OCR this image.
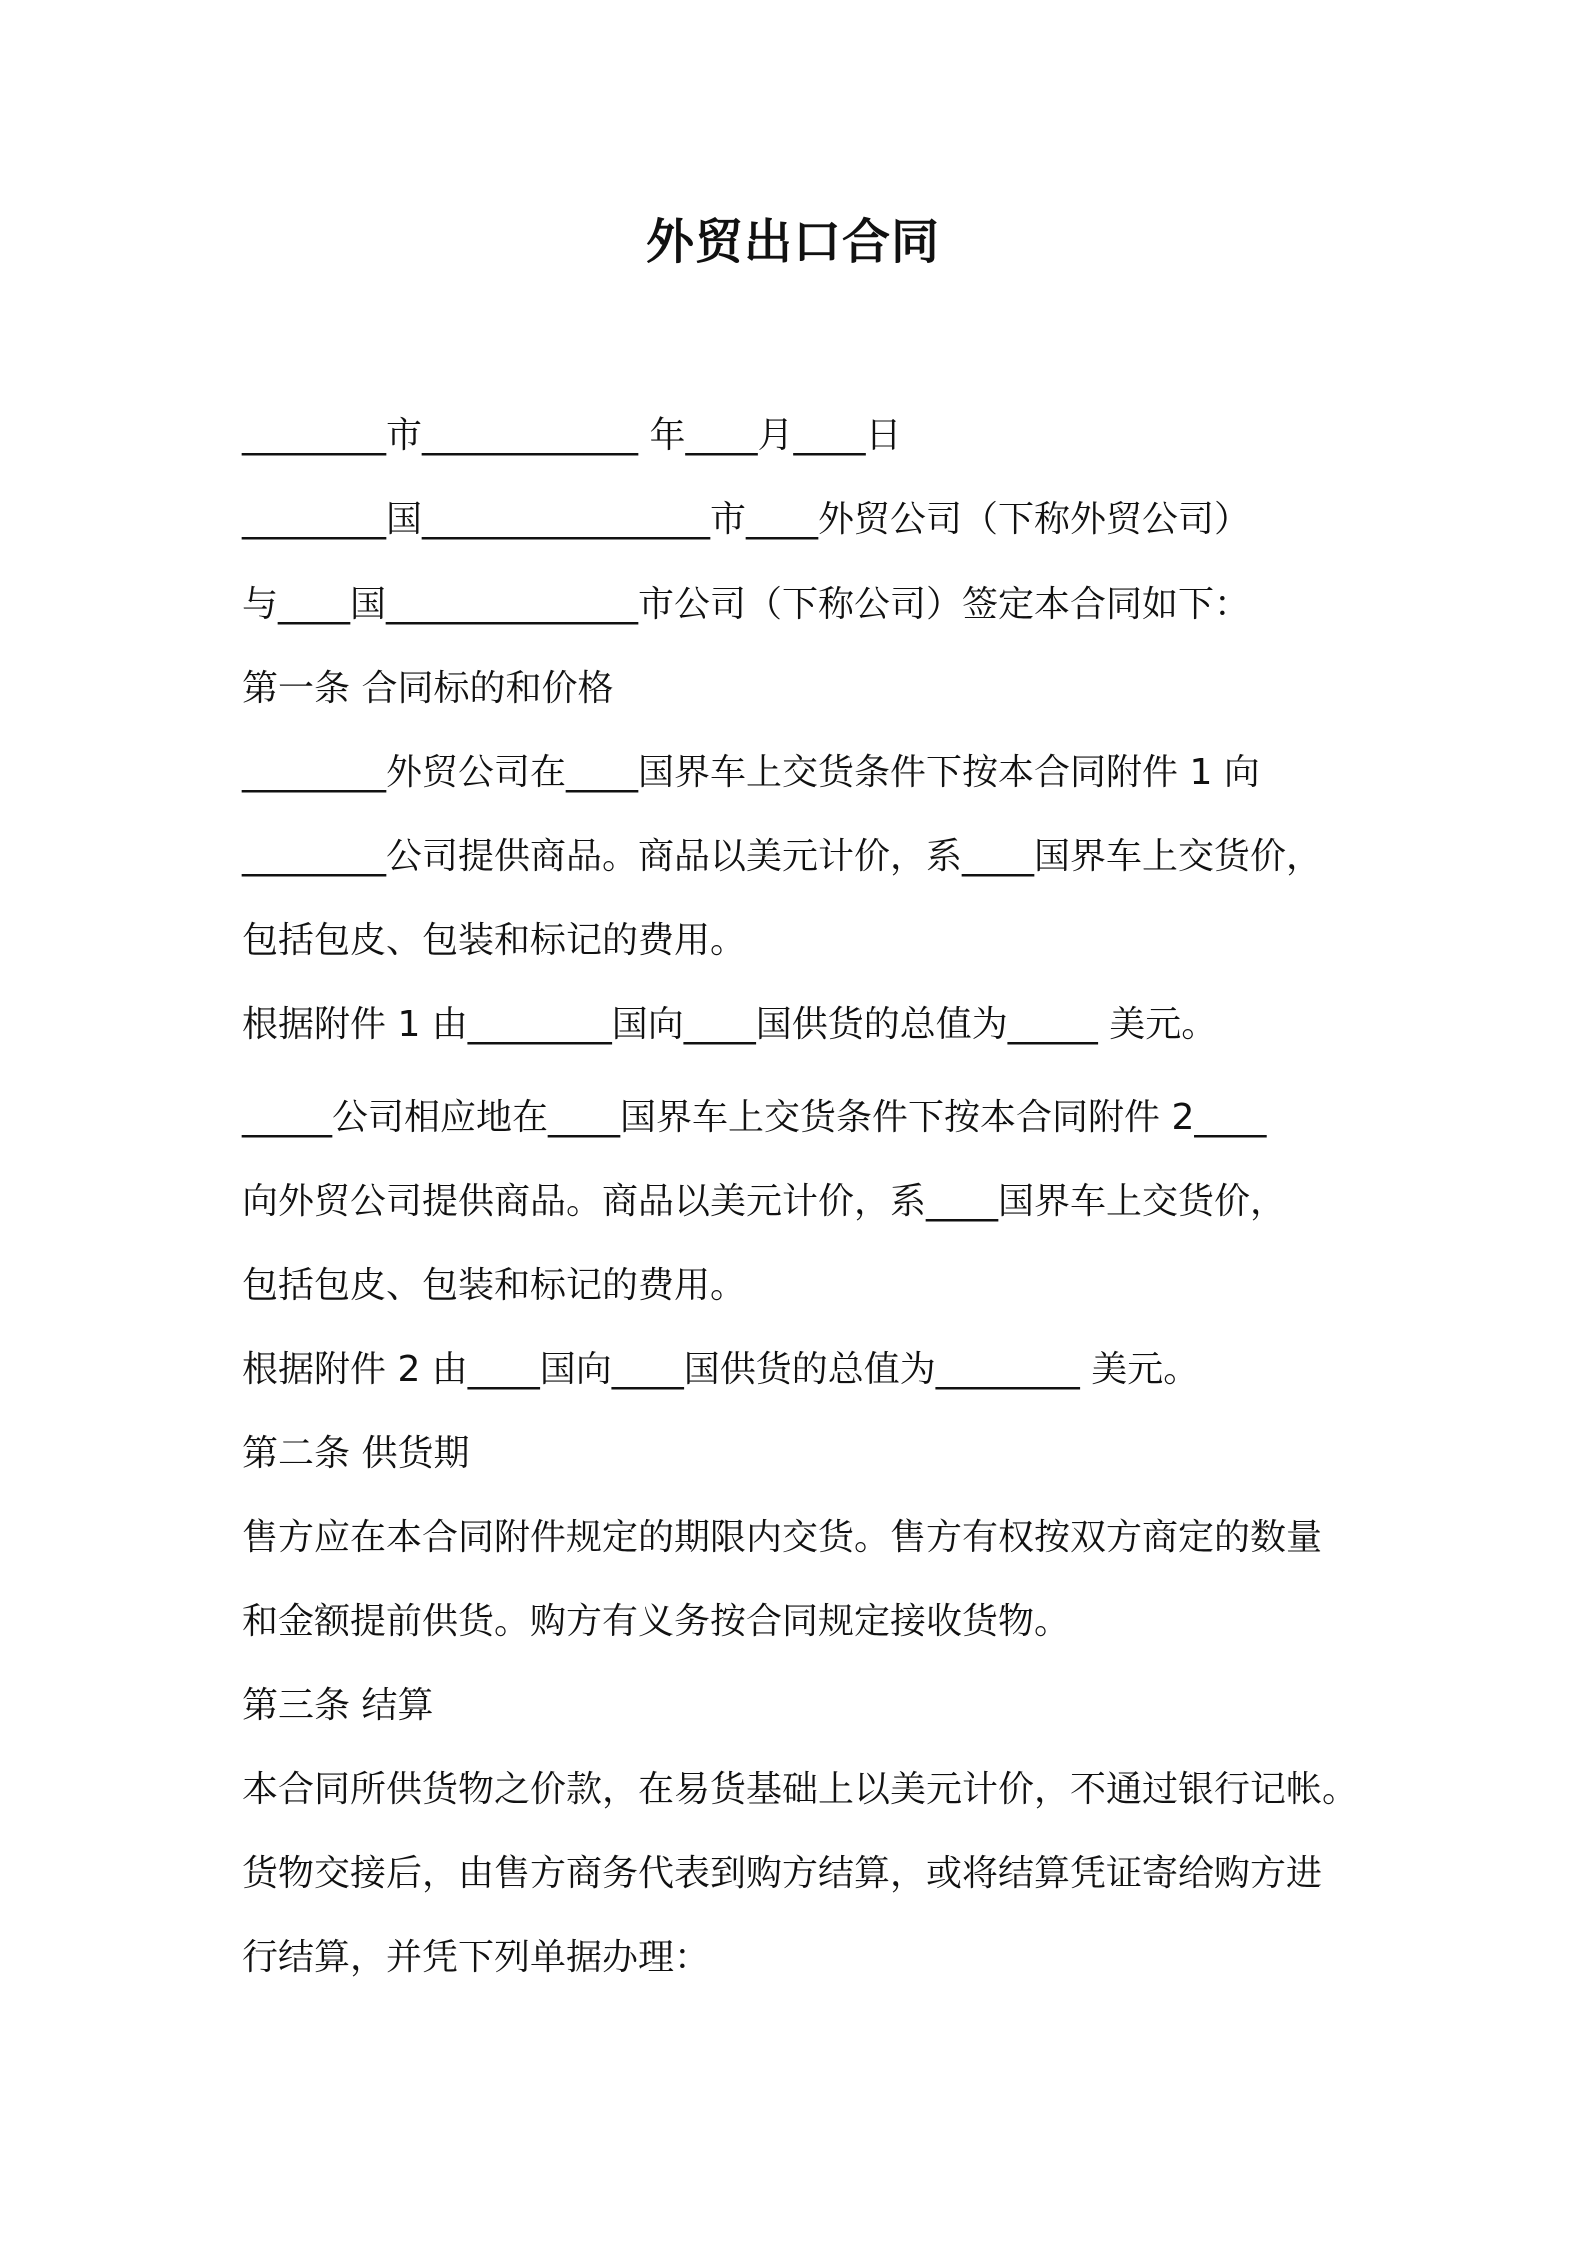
外贸出口合同
________市____________ 年____月____日
________国________________市____外贸公司（下称外贸公司）
与____国______________市公司（下称公司）签定本合同如下：
第一条 合同标的和价格
________外贸公司在____国界车上交货条件下按本合同附件 1 向
________公司提供商品。商品以美元计价，系____国界车上交货价，
包括包皮、包装和标记的费用。
根据附件 1 由________国向____国供货的总值为_____ 美元。
_____公司相应地在____国界车上交货条件下按本合同附件 2____
向外贸公司提供商品。商品以美元计价，系____国界车上交货价，
包括包皮、包装和标记的费用。
根据附件 2 由____国向____国供货的总值为________ 美元。
第二条 供货期
售方应在本合同附件规定的期限内交货。售方有权按双方商定的数量
和金额提前供货。购方有义务按合同规定接收货物。
第三条 结算
本合同所供货物之价款，在易货基础上以美元计价，不通过银行记帐。
货物交接后，由售方商务代表到购方结算，或将结算凭证寄给购方进
行结算，并凭下列单据办理：
